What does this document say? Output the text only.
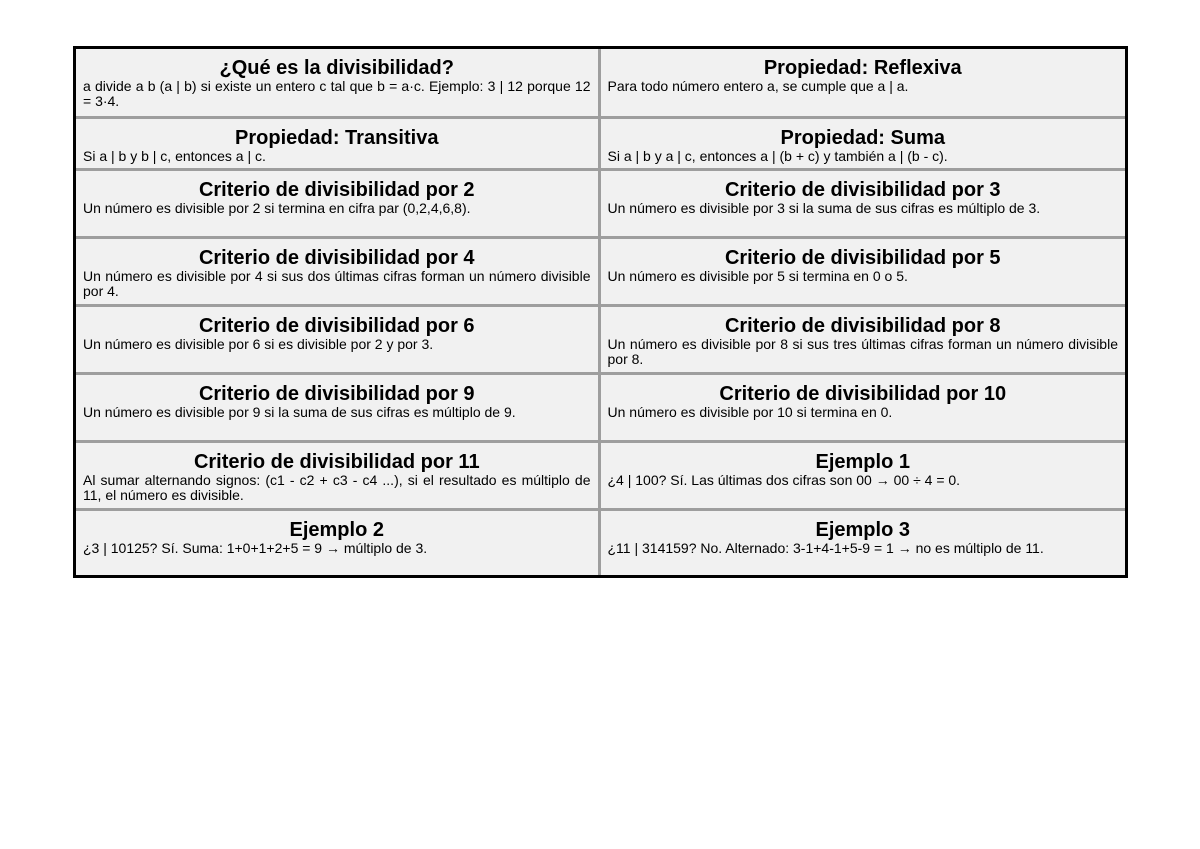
¿Qué es la divisibilidad?
a divide a b (a | b) si existe un entero c tal que b = a·c. Ejemplo: 3 | 12 porque 12 = 3·4.
Propiedad: Reflexiva
Para todo número entero a, se cumple que a | a.
Propiedad: Transitiva
Si a | b y b | c, entonces a | c.
Propiedad: Suma
Si a | b y a | c, entonces a | (b + c) y también a | (b - c).
Criterio de divisibilidad por 2
Un número es divisible por 2 si termina en cifra par (0,2,4,6,8).
Criterio de divisibilidad por 3
Un número es divisible por 3 si la suma de sus cifras es múltiplo de 3.
Criterio de divisibilidad por 4
Un número es divisible por 4 si sus dos últimas cifras forman un número divisible por 4.
Criterio de divisibilidad por 5
Un número es divisible por 5 si termina en 0 o 5.
Criterio de divisibilidad por 6
Un número es divisible por 6 si es divisible por 2 y por 3.
Criterio de divisibilidad por 8
Un número es divisible por 8 si sus tres últimas cifras forman un número divisible por 8.
Criterio de divisibilidad por 9
Un número es divisible por 9 si la suma de sus cifras es múltiplo de 9.
Criterio de divisibilidad por 10
Un número es divisible por 10 si termina en 0.
Criterio de divisibilidad por 11
Al sumar alternando signos: (c1 - c2 + c3 - c4 ...), si el resultado es múltiplo de 11, el número es divisible.
Ejemplo 1
¿4 | 100? Sí. Las últimas dos cifras son 00 → 00 ÷ 4 = 0.
Ejemplo 2
¿3 | 10125? Sí. Suma: 1+0+1+2+5 = 9 → múltiplo de 3.
Ejemplo 3
¿11 | 314159? No. Alternado: 3-1+4-1+5-9 = 1 → no es múltiplo de 11.
